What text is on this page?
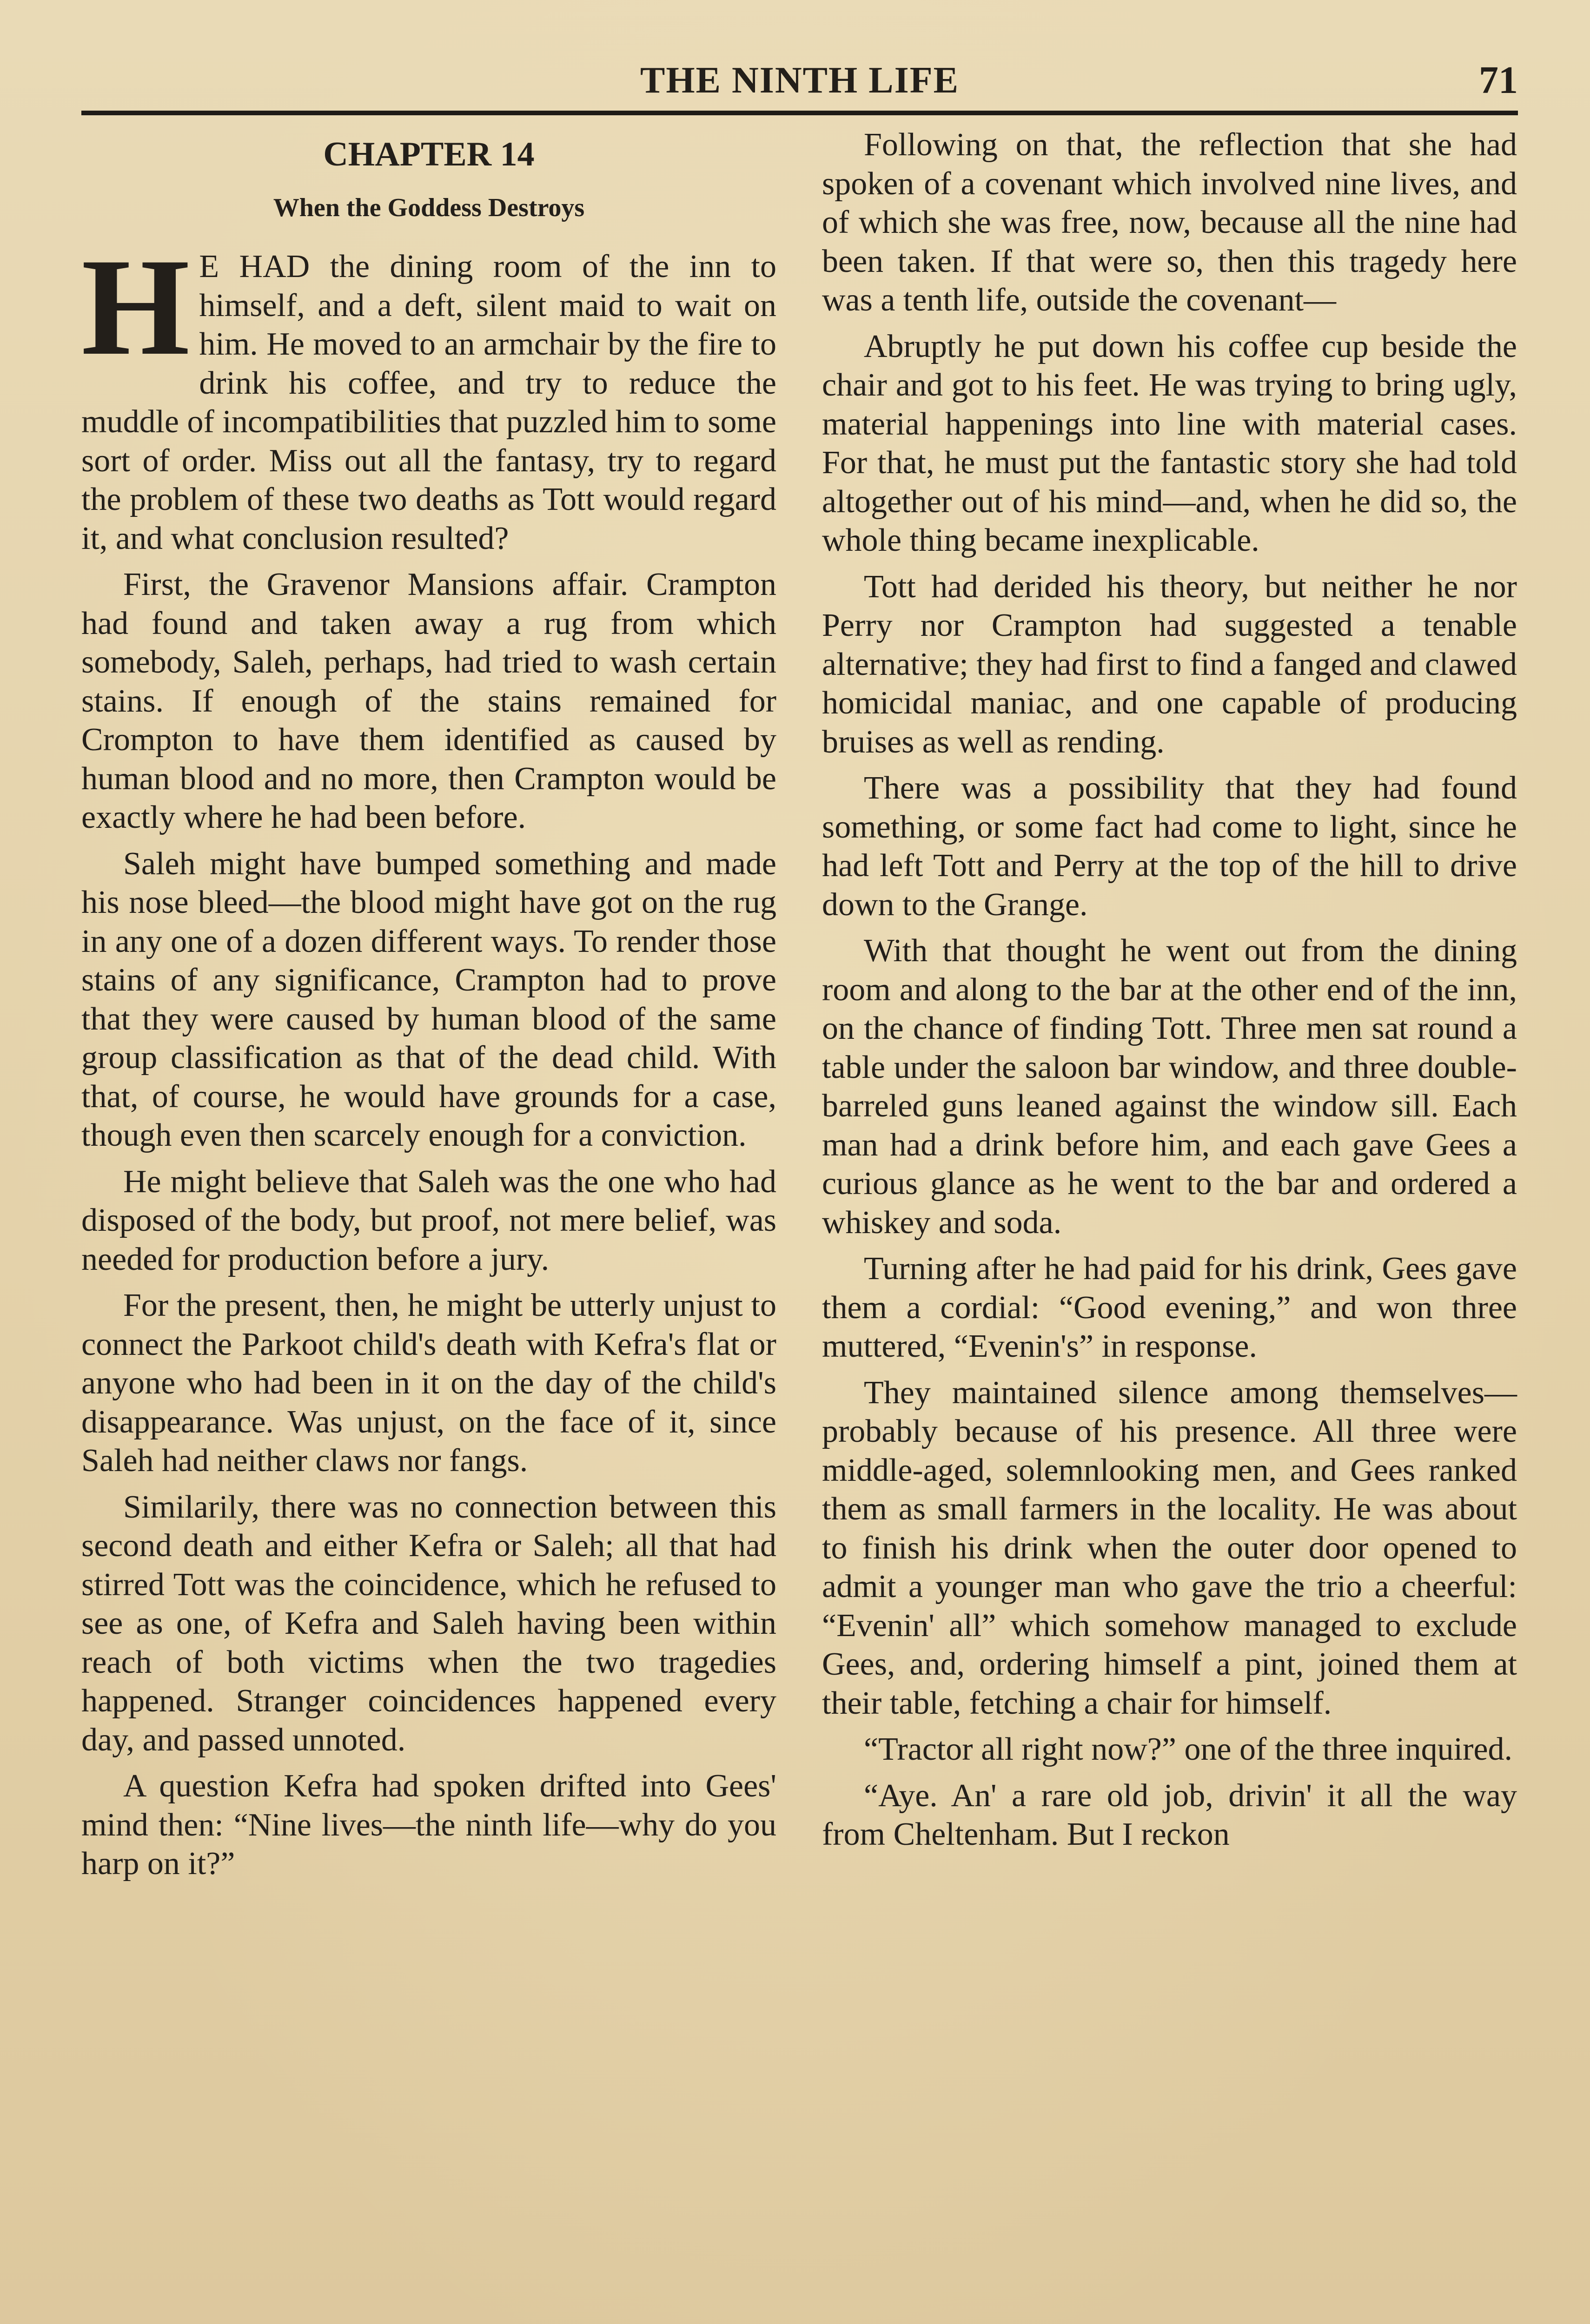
THE NINTH LIFE	71
CHAPTER 14
When the Goddess Destroys

H E HAD the dining room of the inn to himself, and a deft, silent maid to wait on him. He moved to an armchair by the fire to drink his coffee, and try to reduce the muddle of incompatibilities that puzzled him to some sort of order. Miss out all the fantasy, try to regard the problem of these two deaths as Tott would regard it, and what conclusion resulted?

First, the Gravenor Mansions affair. Crampton had found and taken away a rug from which somebody, Saleh, perhaps, had tried to wash certain stains. If enough of the stains remained for Crompton to have them identified as caused by human blood and no more, then Crampton would be exactly where he had been before.

Saleh might have bumped something and made his nose bleed—the blood might have got on the rug in any one of a dozen different ways. To render those stains of any significance, Crampton had to prove that they were caused by human blood of the same group classification as that of the dead child. With that, of course, he would have grounds for a case, though even then scarcely enough for a conviction.

He might believe that Saleh was the one who had disposed of the body, but proof, not mere belief, was needed for production before a jury.

For the present, then, he might be utterly unjust to connect the Parkoot child's death with Kefra's flat or anyone who had been in it on the day of the child's disappearance. Was unjust, on the face of it, since Saleh had neither claws nor fangs.

Similarily, there was no connection between this second death and either Kefra or Saleh; all that had stirred Tott was the coincidence, which he refused to see as one, of Kefra and Saleh having been within reach of both victims when the two tragedies happened. Stranger coincidences happened every day, and passed unnoted.

A question Kefra had spoken drifted into Gees' mind then: “Nine lives—the ninth life—why do you harp on it?”

Following on that, the reflection that she had spoken of a covenant which involved nine lives, and of which she was free, now, because all the nine had been taken. If that were so, then this tragedy here was a tenth life, outside the covenant—

Abruptly he put down his coffee cup beside the chair and got to his feet. He was trying to bring ugly, material happenings into line with material cases. For that, he must put the fantastic story she had told altogether out of his mind—and, when he did so, the whole thing became inexplicable.

Tott had derided his theory, but neither he nor Perry nor Crampton had suggested a tenable alternative; they had first to find a fanged and clawed homicidal maniac, and one capable of producing bruises as well as rending.

There was a possibility that they had found something, or some fact had come to light, since he had left Tott and Perry at the top of the hill to drive down to the Grange.

With that thought he went out from the dining room and along to the bar at the other end of the inn, on the chance of finding Tott. Three men sat round a table under the saloon bar window, and three double-barreled guns leaned against the window sill. Each man had a drink before him, and each gave Gees a curious glance as he went to the bar and ordered a whiskey and soda.

Turning after he had paid for his drink, Gees gave them a cordial: “Good evening,” and won three muttered, “Evenin's” in response.

They maintained silence among themselves—probably because of his presence. All three were middle-aged, solemnlooking men, and Gees ranked them as small farmers in the locality. He was about to finish his drink when the outer door opened to admit a younger man who gave the trio a cheerful: “Evenin' all” which somehow managed to exclude Gees, and, ordering himself a pint, joined them at their table, fetching a chair for himself.

“Tractor all right now?” one of the three inquired.

“Aye. An' a rare old job, drivin' it all the way from Cheltenham. But I reckon
